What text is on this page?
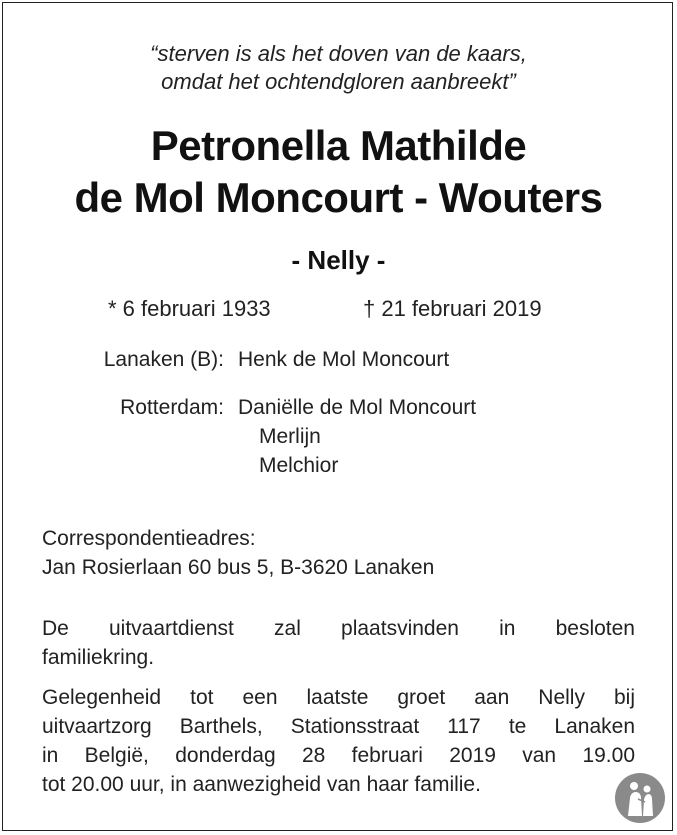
“sterven is als het doven van de kaars,
omdat het ochtendgloren aanbreekt”
Petronella Mathilde
de Mol Moncourt - Wouters
- Nelly -
* 6 februari 1933	† 21 februari 2019
Lanaken (B): Henk de Mol Moncourt
Rotterdam: Daniëlle de Mol Moncourt
Merlijn
Melchior
Correspondentieadres:
Jan Rosierlaan 60 bus 5, B-3620 Lanaken
De uitvaartdienst zal plaatsvinden in besloten
familiekring.
Gelegenheid tot een laatste groet aan Nelly bij
uitvaartzorg Barthels, Stationsstraat 117 te Lanaken
in België, donderdag 28 februari 2019 van 19.00
tot 20.00 uur, in aanwezigheid van haar familie.
